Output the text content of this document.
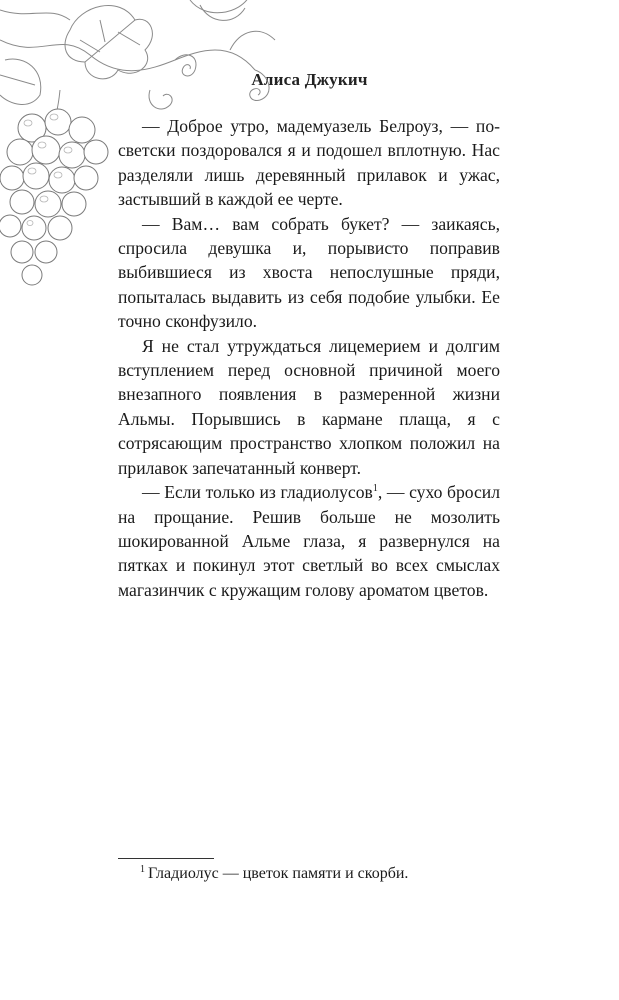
Алиса Джукич

— Доброе утро, мадемуазель Белроуз, — по-светски поздоровался я и подошел вплотную. Нас разделяли лишь деревянный прилавок и ужас, застывший в каждой ее черте.

— Вам… вам собрать букет? — заикаясь, спросила девушка и, порывисто поправив выбившиеся из хвоста непослушные пряди, попыталась выдавить из себя подобие улыбки. Ее точно сконфузило.

Я не стал утруждаться лицемерием и долгим вступлением перед основной причиной моего внезапного появления в размеренной жизни Альмы. Порывшись в кармане плаща, я с сотрясающим пространство хлопком положил на прилавок запечатанный конверт.

— Если только из гладиолусов$^1$, — сухо бросил на прощание. Решив больше не мозолить шокированной Альме глаза, я развернулся на пятках и покинул этот светлый во всех смыслах магазинчик с кружащим голову ароматом цветов.

$^1$ Гладиолус — цветок памяти и скорби.
